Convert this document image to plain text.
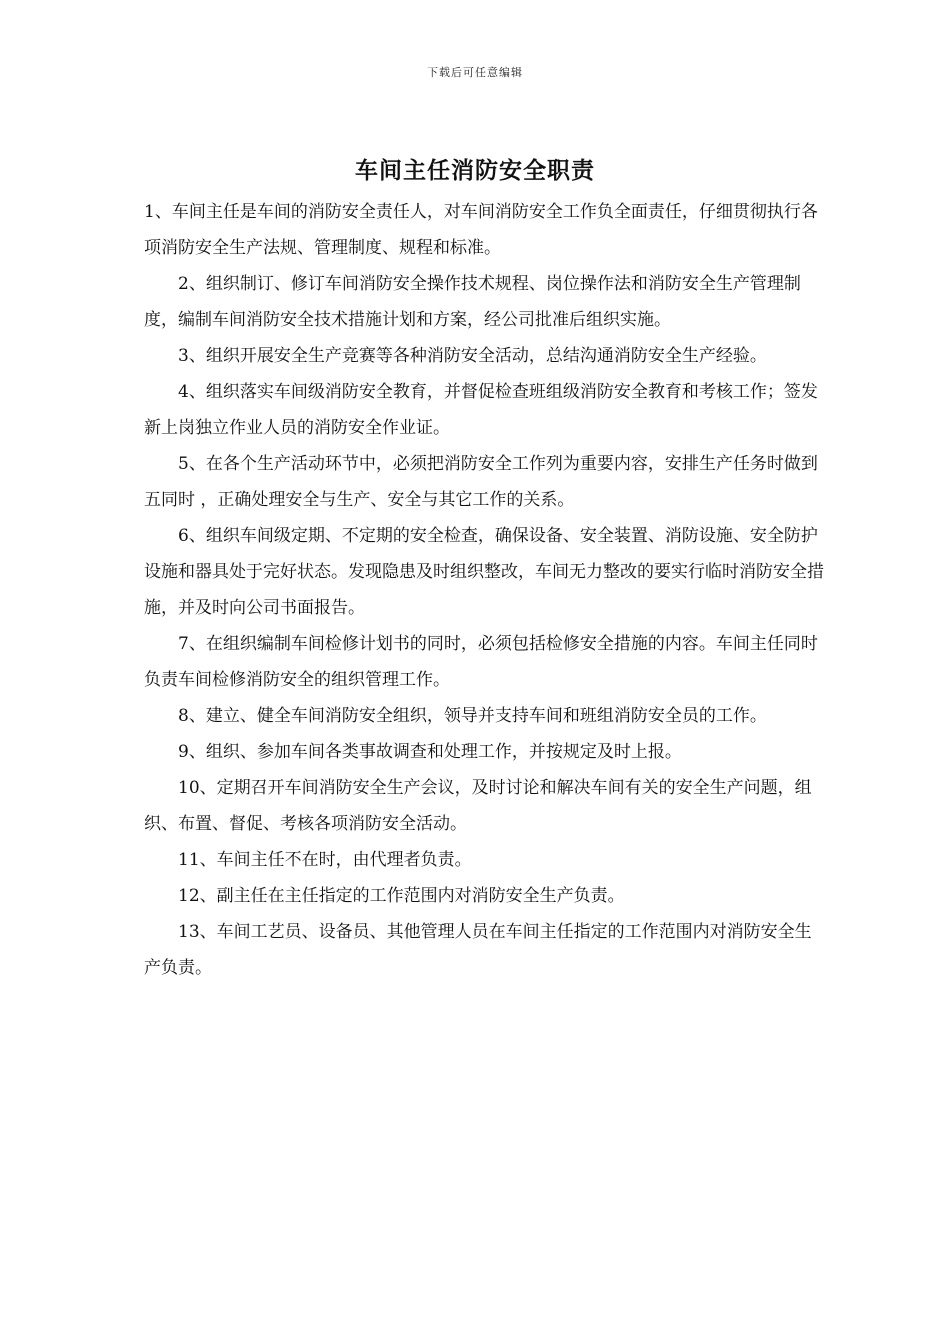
下载后可任意编辑
车间主任消防安全职责

1、车间主任是车间的消防安全责任人，对车间消防安全工作负全面责任，仔细贯彻执行各项消防安全生产法规、管理制度、规程和标准。

2、组织制订、修订车间消防安全操作技术规程、岗位操作法和消防安全生产管理制度，编制车间消防安全技术措施计划和方案，经公司批准后组织实施。

3、组织开展安全生产竞赛等各种消防安全活动，总结沟通消防安全生产经验。

4、组织落实车间级消防安全教育，并督促检查班组级消防安全教育和考核工作；签发新上岗独立作业人员的消防安全作业证。

5、在各个生产活动环节中，必须把消防安全工作列为重要内容，安排生产任务时做到 五同时 ，正确处理安全与生产、安全与其它工作的关系。

6、组织车间级定期、不定期的安全检查，确保设备、安全装置、消防设施、安全防护设施和器具处于完好状态。发现隐患及时组织整改，车间无力整改的要实行临时消防安全措施，并及时向公司书面报告。

7、在组织编制车间检修计划书的同时，必须包括检修安全措施的内容。车间主任同时负责车间检修消防安全的组织管理工作。

8、建立、健全车间消防安全组织，领导并支持车间和班组消防安全员的工作。

9、组织、参加车间各类事故调查和处理工作，并按规定及时上报。

10、定期召开车间消防安全生产会议，及时讨论和解决车间有关的安全生产问题，组织、布置、督促、考核各项消防安全活动。

11、车间主任不在时，由代理者负责。

12、副主任在主任指定的工作范围内对消防安全生产负责。

13、车间工艺员、设备员、其他管理人员在车间主任指定的工作范围内对消防安全生产负责。
